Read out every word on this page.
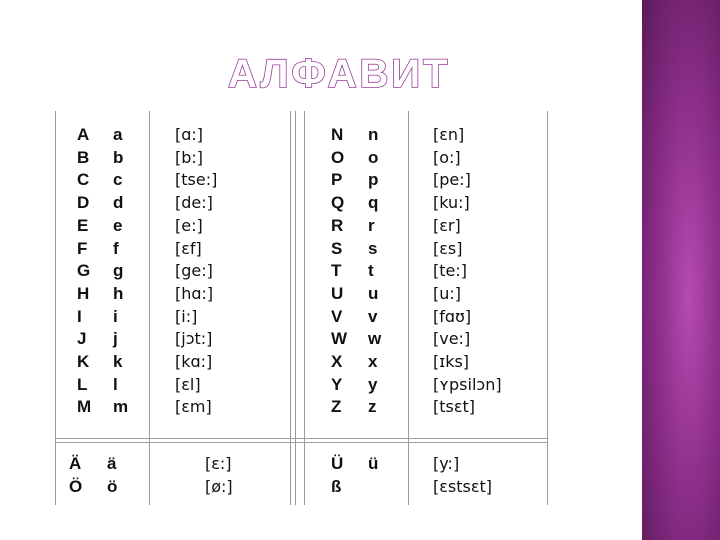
АЛФАВИТ
A a	[ɑ:]	N n	[ɛn]
B b	[b:]	O o	[o:]
C c	[tse:]	P p	[pe:]
D d	[de:]	Q q	[ku:]
E e	[e:]	R r	[ɛr]
F f	[ɛf]	S s	[ɛs]
G g	[ge:]	T t	[te:]
H h	[hɑ:]	U u	[u:]
I i	[i:]	V v	[fɑʊ]
J j	[jɔt:]	W w	[ve:]
K k	[kɑ:]	X x	[ɪks]
L l	[ɛl]	Y y	[ʏpsilɔn]
M m	[ɛm]	Z z	[tsɛt]
Ä ä	[ɛ:]	Ü ü	[y:]
Ö ö	[ø:]	ß	[ɛstsɛt]
